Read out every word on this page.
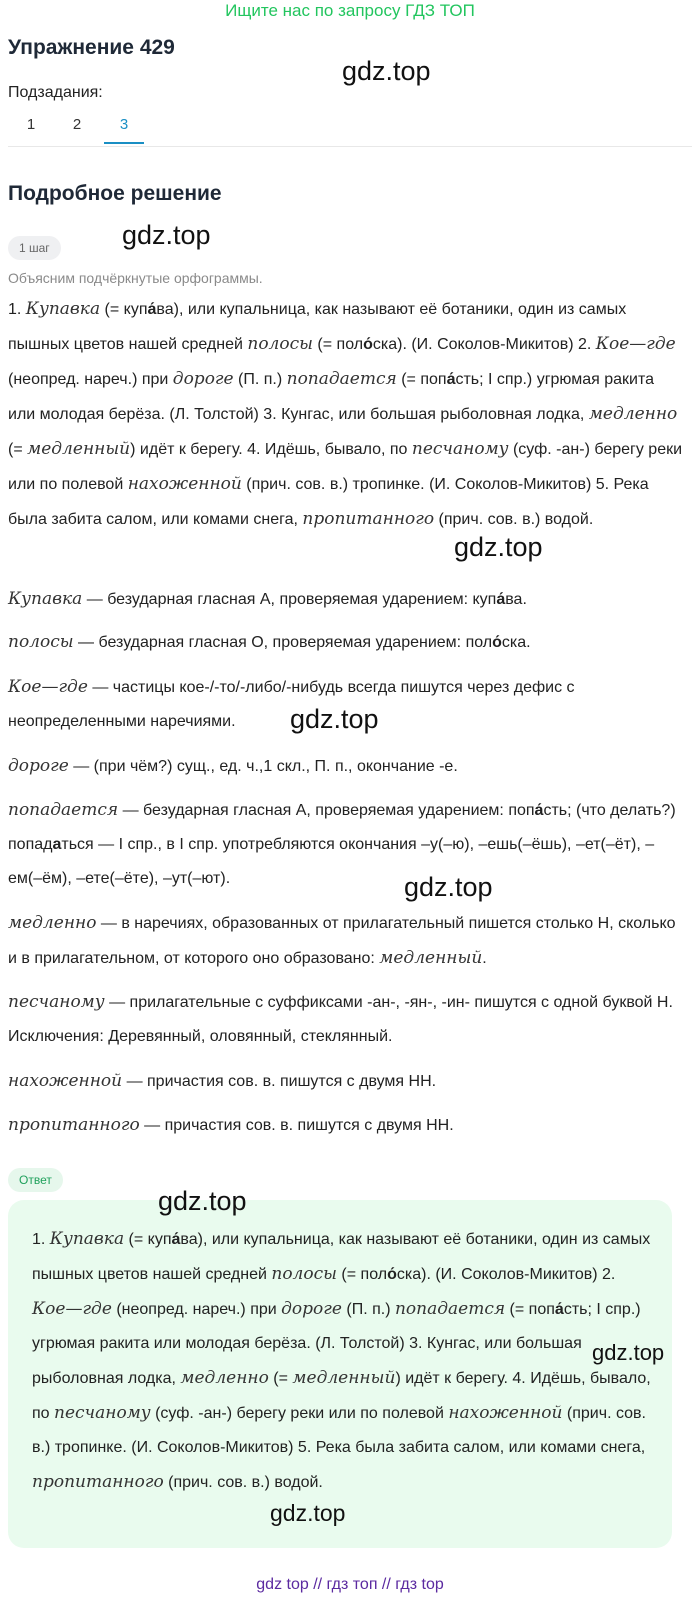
Ищите нас по запросу ГДЗ ТОП
Упражнение 429
gdz.top
Подзадания:
1	2	3
Подробное решение
1 шаг	gdz.top
Объясним подчёркнутые орфограммы.
1. Купавка (= купа́ва), или купальница, как называют её ботаники, один из самых пышных цветов нашей средней полосы (= поло́ска). (И. Соколов-Микитов) 2. Кое—где (неопред. нареч.) при дороге (П. п.) попадается (= попа́сть; I спр.) угрюмая ракита или молодая берёза. (Л. Толстой) 3. Кунгас, или большая рыболовная лодка, медленно (= медленный) идёт к берегу. 4. Идёшь, бывало, по песчаному (суф. -ан-) берегу реки или по полевой нахоженной (прич. сов. в.) тропинке. (И. Соколов-Микитов) 5. Река была забита салом, или комами снега, пропитанного (прич. сов. в.) водой.
gdz.top
Купавка — безударная гласная А, проверяемая ударением: купа́ва.
полосы — безударная гласная О, проверяемая ударением: поло́ска.
Кое—где — частицы кое-/-то/-либо/-нибудь всегда пишутся через дефис с неопределенными наречиями.	gdz.top
дороге — (при чём?) сущ., ед. ч.,1 скл., П. п., окончание -е.
попадается — безударная гласная А, проверяемая ударением: попа́сть; (что делать?) попадаться — I спр., в I спр. употребляются окончания –у(–ю), –ешь(–ёшь), –ет(–ёт), –ем(–ём), –ете(–ёте), –ут(–ют).	gdz.top
медленно — в наречиях, образованных от прилагательный пишется столько Н, сколько и в прилагательном, от которого оно образовано: медленный.
песчаному — прилагательные с суффиксами -ан-, -ян-, -ин- пишутся с одной буквой Н. Исключения: Деревянный, оловянный, стеклянный.
нахоженной — причастия сов. в. пишутся с двумя НН.
пропитанного — причастия сов. в. пишутся с двумя НН.
Ответ
gdz.top
1. Купавка (= купа́ва), или купальница, как называют её ботаники, один из самых пышных цветов нашей средней полосы (= поло́ска). (И. Соколов-Микитов) 2. Кое—где (неопред. нареч.) при дороге (П. п.) попадается (= попа́сть; I спр.) угрюмая ракита или молодая берёза. (Л. Толстой) 3. Кунгас, или большая рыболовная лодка, медленно (= медленный) идёт к берегу. 4. Идёшь, бывало, по песчаному (суф. -ан-) берегу реки или по полевой нахоженной (прич. сов. в.) тропинке. (И. Соколов-Микитов) 5. Река была забита салом, или комами снега, пропитанного (прич. сов. в.) водой.
gdz.top
gdz.top
gdz top // гдз топ // гдз top
